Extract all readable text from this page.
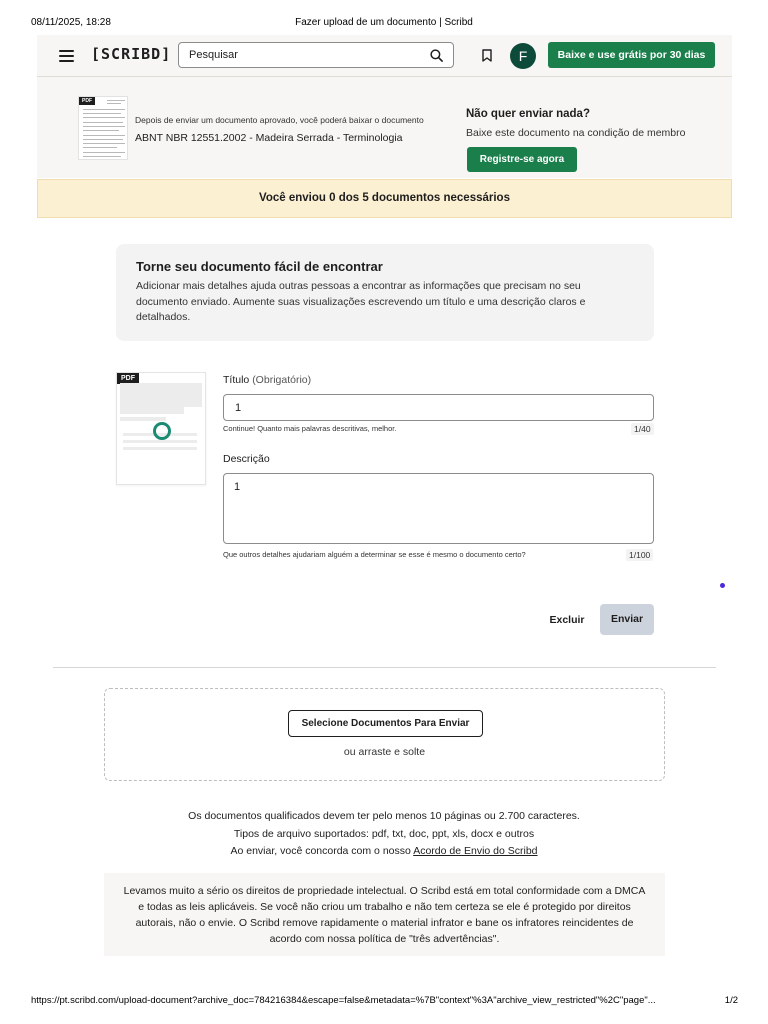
08/11/2025, 18:28	Fazer upload de um documento | Scribd
[SCRIBD]
Pesquisar	F	Baixe e use grátis por 30 dias
PDF
Depois de enviar um documento aprovado, você poderá baixar o documento
ABNT NBR 12551.2002 - Madeira Serrada - Terminologia
Não quer enviar nada?
Baixe este documento na condição de membro
Registre-se agora
Você enviou 0 dos 5 documentos necessários
Torne seu documento fácil de encontrar
Adicionar mais detalhes ajuda outras pessoas a encontrar as informações que precisam no seu documento enviado. Aumente suas visualizações escrevendo um título e uma descrição claros e detalhados.
PDF	Título (Obrigatório)
1
Continue! Quanto mais palavras descritivas, melhor.	1/40
Descrição
1
Que outros detalhes ajudariam alguém a determinar se esse é mesmo o documento certo?	1/100
Excluir	Enviar
Selecione Documentos Para Enviar
ou arraste e solte
Os documentos qualificados devem ter pelo menos 10 páginas ou 2.700 caracteres.
Tipos de arquivo suportados: pdf, txt, doc, ppt, xls, docx e outros
Ao enviar, você concorda com o nosso Acordo de Envio do Scribd
Levamos muito a sério os direitos de propriedade intelectual. O Scribd está em total conformidade com a DMCA e todas as leis aplicáveis. Se você não criou um trabalho e não tem certeza se ele é protegido por direitos autorais, não o envie. O Scribd remove rapidamente o material infrator e bane os infratores reincidentes de acordo com nossa política de "três advertências".
https://pt.scribd.com/upload-document?archive_doc=784216384&escape=false&metadata=%7B"context"%3A"archive_view_restricted"%2C"page"...	1/2
